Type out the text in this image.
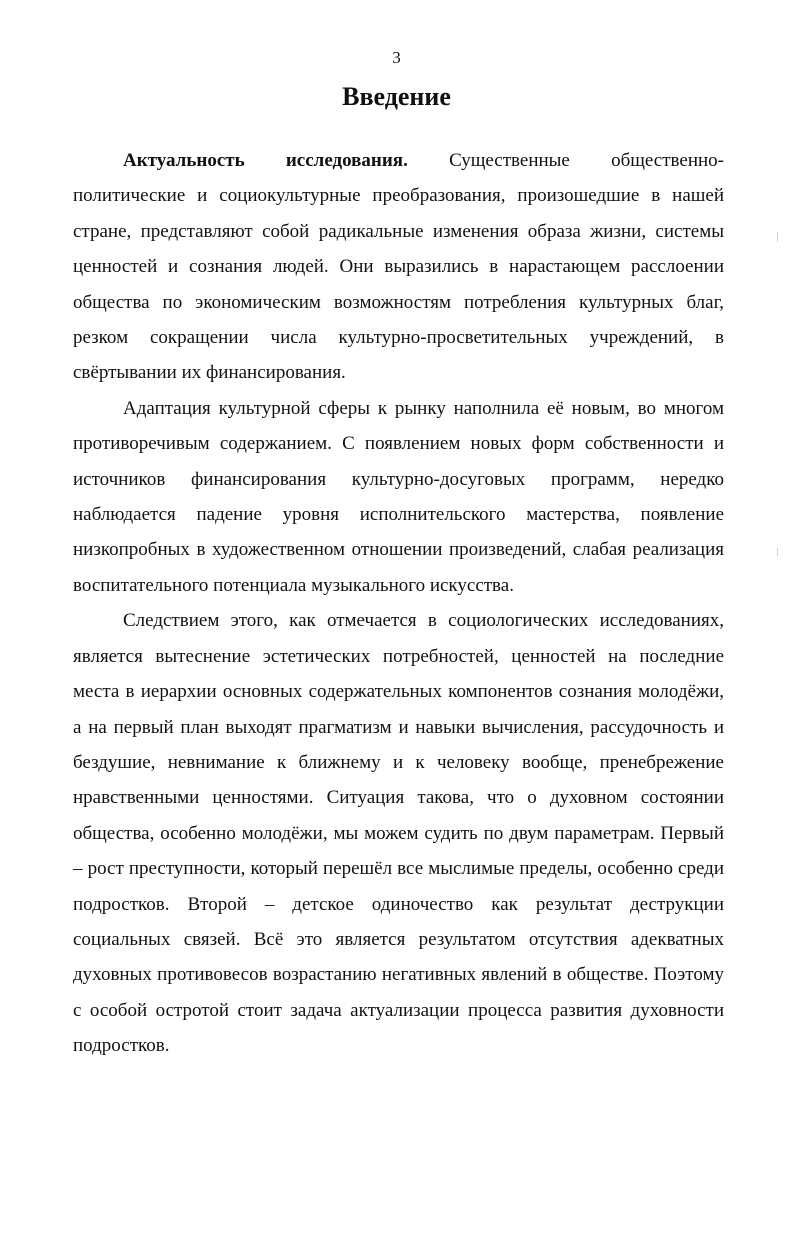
3
Введение

Актуальность исследования. Существенные общественно-политические и социокультурные преобразования, произошедшие в нашей стране, представляют собой радикальные изменения образа жизни, системы ценностей и сознания людей. Они выразились в нарастающем расслоении общества по экономическим возможностям потребления культурных благ, резком сокращении числа культурно-просветительных учреждений, в свёртывании их финансирования.

Адаптация культурной сферы к рынку наполнила её новым, во многом противоречивым содержанием. С появлением новых форм собственности и источников финансирования культурно-досуговых программ, нередко наблюдается падение уровня исполнительского мастерства, появление низкопробных в художественном отношении произведений, слабая реализация воспитательного потенциала музыкального искусства.

Следствием этого, как отмечается в социологических исследованиях, является вытеснение эстетических потребностей, ценностей на последние места в иерархии основных содержательных компонентов сознания молодёжи, а на первый план выходят прагматизм и навыки вычисления, рассудочность и бездушие, невнимание к ближнему и к человеку вообще, пренебрежение нравственными ценностями. Ситуация такова, что о духовном состоянии общества, особенно молодёжи, мы можем судить по двум параметрам. Первый – рост преступности, который перешёл все мыслимые пределы, особенно среди подростков. Второй – детское одиночество как результат деструкции социальных связей. Всё это является результатом отсутствия адекватных духовных противовесов возрастанию негативных явлений в обществе. Поэтому с особой остротой стоит задача актуализации процесса развития духовности подростков.
